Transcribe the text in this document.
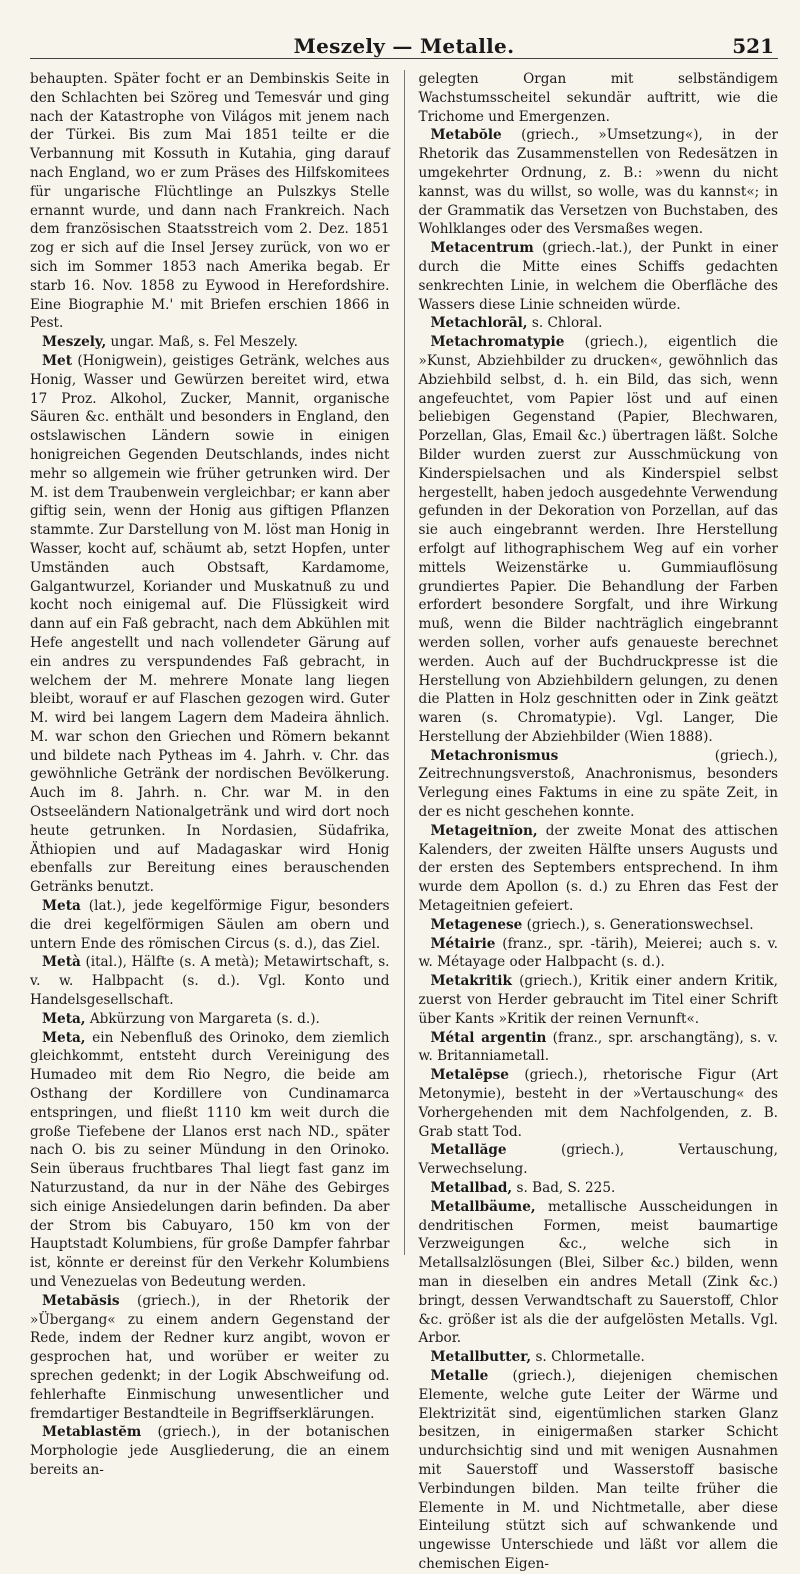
Meszely — Metalle.	521

behaupten. Später focht er an Dembinskis Seite in den Schlachten bei Szöreg und Temesvár und ging nach der Katastrophe von Világos mit jenem nach der Türkei. Bis zum Mai 1851 teilte er die Verbannung mit Kossuth in Kutahia, ging darauf nach England, wo er zum Präses des Hilfskomitees für ungarische Flüchtlinge an Pulszkys Stelle ernannt wurde, und dann nach Frankreich. Nach dem französischen Staatsstreich vom 2. Dez. 1851 zog er sich auf die Insel Jersey zurück, von wo er sich im Sommer 1853 nach Amerika begab. Er starb 16. Nov. 1858 zu Eywood in Herefordshire. Eine Biographie M.' mit Briefen erschien 1866 in Pest.

Meszely, ungar. Maß, s. Fel Meszely.

Met (Honigwein), geistiges Getränk, welches aus Honig, Wasser und Gewürzen bereitet wird, etwa 17 Proz. Alkohol, Zucker, Mannit, organische Säuren &c. enthält und besonders in England, den ostslawischen Ländern sowie in einigen honigreichen Gegenden Deutschlands, indes nicht mehr so allgemein wie früher getrunken wird. Der M. ist dem Traubenwein vergleichbar; er kann aber giftig sein, wenn der Honig aus giftigen Pflanzen stammte. Zur Darstellung von M. löst man Honig in Wasser, kocht auf, schäumt ab, setzt Hopfen, unter Umständen auch Obstsaft, Kardamome, Galgantwurzel, Koriander und Muskatnuß zu und kocht noch einigemal auf. Die Flüssigkeit wird dann auf ein Faß gebracht, nach dem Abkühlen mit Hefe angestellt und nach vollendeter Gärung auf ein andres zu verspundendes Faß gebracht, in welchem der M. mehrere Monate lang liegen bleibt, worauf er auf Flaschen gezogen wird. Guter M. wird bei langem Lagern dem Madeira ähnlich. M. war schon den Griechen und Römern bekannt und bildete nach Pytheas im 4. Jahrh. v. Chr. das gewöhnliche Getränk der nordischen Bevölkerung. Auch im 8. Jahrh. n. Chr. war M. in den Ostseeländern Nationalgetränk und wird dort noch heute getrunken. In Nordasien, Südafrika, Äthiopien und auf Madagaskar wird Honig ebenfalls zur Bereitung eines berauschenden Getränks benutzt.

Meta (lat.), jede kegelförmige Figur, besonders die drei kegelförmigen Säulen am obern und untern Ende des römischen Circus (s. d.), das Ziel.

Metà (ital.), Hälfte (s. A metà); Metawirtschaft, s. v. w. Halbpacht (s. d.). Vgl. Konto und Handelsgesellschaft.

Meta, Abkürzung von Margareta (s. d.).

Meta, ein Nebenfluß des Orinoko, dem ziemlich gleichkommt, entsteht durch Vereinigung des Humadeo mit dem Rio Negro, die beide am Osthang der Kordillere von Cundinamarca entspringen, und fließt 1110 km weit durch die große Tiefebene der Llanos erst nach ND., später nach O. bis zu seiner Mündung in den Orinoko. Sein überaus fruchtbares Thal liegt fast ganz im Naturzustand, da nur in der Nähe des Gebirges sich einige Ansiedelungen darin befinden. Da aber der Strom bis Cabuyaro, 150 km von der Hauptstadt Kolumbiens, für große Dampfer fahrbar ist, könnte er dereinst für den Verkehr Kolumbiens und Venezuelas von Bedeutung werden.

Metabăsis (griech.), in der Rhetorik der »Übergang« zu einem andern Gegenstand der Rede, indem der Redner kurz angibt, wovon er gesprochen hat, und worüber er weiter zu sprechen gedenkt; in der Logik Abschweifung od. fehlerhafte Einmischung unwesentlicher und fremdartiger Bestandteile in Begriffserklärungen.

Metablastĕm (griech.), in der botanischen Morphologie jede Ausgliederung, die an einem bereits an-

gelegten Organ mit selbständigem Wachstumsscheitel sekundär auftritt, wie die Trichome und Emergenzen.

Metabŏle (griech., »Umsetzung«), in der Rhetorik das Zusammenstellen von Redesätzen in umgekehrter Ordnung, z. B.: »wenn du nicht kannst, was du willst, so wolle, was du kannst«; in der Grammatik das Versetzen von Buchstaben, des Wohlklanges oder des Versmaßes wegen.

Metacentrum (griech.-lat.), der Punkt in einer durch die Mitte eines Schiffs gedachten senkrechten Linie, in welchem die Oberfläche des Wassers diese Linie schneiden würde.

Metachlorāl, s. Chloral.

Metachromatypie (griech.), eigentlich die »Kunst, Abziehbilder zu drucken«, gewöhnlich das Abziehbild selbst, d. h. ein Bild, das sich, wenn angefeuchtet, vom Papier löst und auf einen beliebigen Gegenstand (Papier, Blechwaren, Porzellan, Glas, Email &c.) übertragen läßt. Solche Bilder wurden zuerst zur Ausschmückung von Kinderspielsachen und als Kinderspiel selbst hergestellt, haben jedoch ausgedehnte Verwendung gefunden in der Dekoration von Porzellan, auf das sie auch eingebrannt werden. Ihre Herstellung erfolgt auf lithographischem Weg auf ein vorher mittels Weizenstärke u. Gummiauflösung grundiertes Papier. Die Behandlung der Farben erfordert besondere Sorgfalt, und ihre Wirkung muß, wenn die Bilder nachträglich eingebrannt werden sollen, vorher aufs genaueste berechnet werden. Auch auf der Buchdruckpresse ist die Herstellung von Abziehbildern gelungen, zu denen die Platten in Holz geschnitten oder in Zink geätzt waren (s. Chromatypie). Vgl. Langer, Die Herstellung der Abziehbilder (Wien 1888).

Metachronismus (griech.), Zeitrechnungsverstoß, Anachronismus, besonders Verlegung eines Faktums in eine zu späte Zeit, in der es nicht geschehen konnte.

Metageitnĭon, der zweite Monat des attischen Kalenders, der zweiten Hälfte unsers Augusts und der ersten des Septembers entsprechend. In ihm wurde dem Apollon (s. d.) zu Ehren das Fest der Metageitnien gefeiert.

Metagenese (griech.), s. Generationswechsel.

Métairie (franz., spr. -tärih), Meierei; auch s. v. w. Métayage oder Halbpacht (s. d.).

Metakritik (griech.), Kritik einer andern Kritik, zuerst von Herder gebraucht im Titel einer Schrift über Kants »Kritik der reinen Vernunft«.

Métal argentin (franz., spr. arschangtäng), s. v. w. Britanniametall.

Metalēpse (griech.), rhetorische Figur (Art Metonymie), besteht in der »Vertauschung« des Vorhergehenden mit dem Nachfolgenden, z. B. Grab statt Tod.

Metallăge (griech.), Vertauschung, Verwechselung.

Metallbad, s. Bad, S. 225.

Metallbäume, metallische Ausscheidungen in dendritischen Formen, meist baumartige Verzweigungen &c., welche sich in Metallsalzlösungen (Blei, Silber &c.) bilden, wenn man in dieselben ein andres Metall (Zink &c.) bringt, dessen Verwandtschaft zu Sauerstoff, Chlor &c. größer ist als die der aufgelösten Metalls. Vgl. Arbor.

Metallbutter, s. Chlormetalle.

Metalle (griech.), diejenigen chemischen Elemente, welche gute Leiter der Wärme und Elektrizität sind, eigentümlichen starken Glanz besitzen, in einigermaßen starker Schicht undurchsichtig sind und mit wenigen Ausnahmen mit Sauerstoff und Wasserstoff basische Verbindungen bilden. Man teilte früher die Elemente in M. und Nichtmetalle, aber diese Einteilung stützt sich auf schwankende und ungewisse Unterschiede und läßt vor allem die chemischen Eigen-
